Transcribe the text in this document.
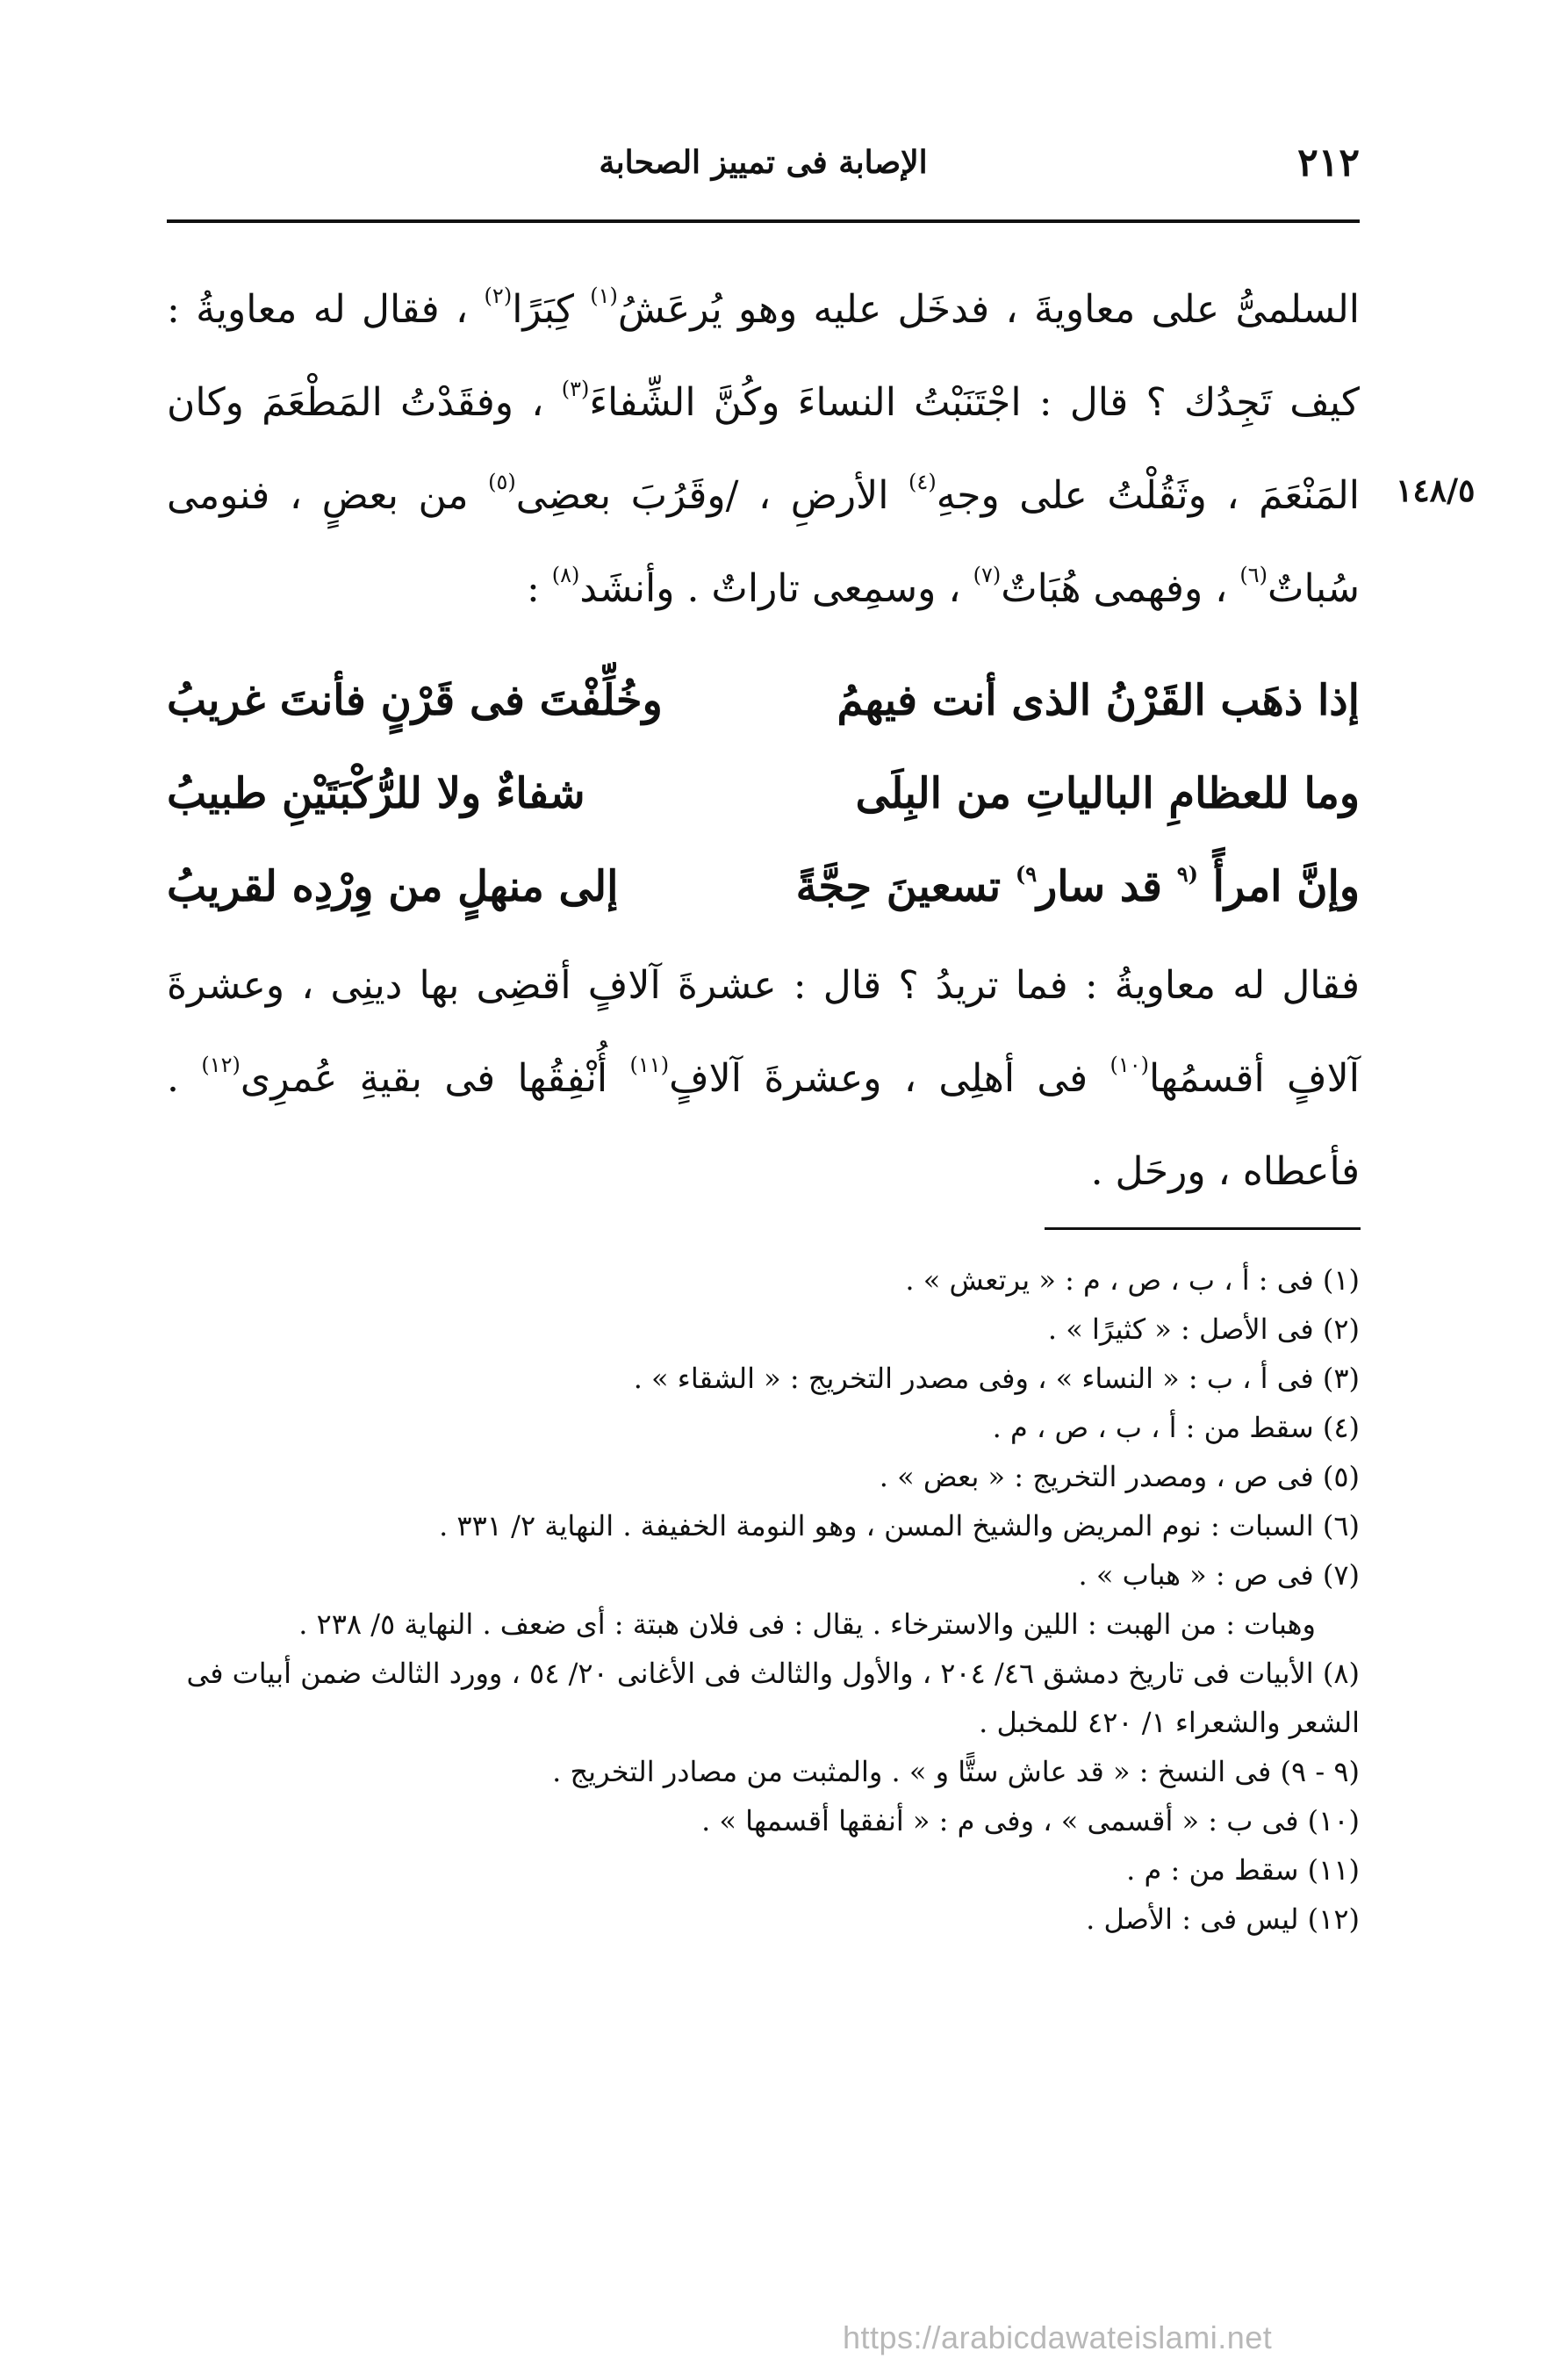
٢١٢
الإصابة فى تمييز الصحابة
١٤٨/٥

السلمىُّ على معاويةَ ، فدخَل عليه وهو يُرعَشُ$^{(١)}$ كِبَرًا$^{(٢)}$ ، فقال له معاويةُ : كيف تَجِدُك ؟ قال : اجْتَنَبْتُ النساءَ وكُنَّ الشِّفاءَ$^{(٣)}$ ، وفقَدْتُ المَطْعَمَ وكان المَنْعَمَ ، وثَقُلْتُ على وجهِ$^{(٤)}$ الأرضِ ، /وقَرُبَ بعضِى$^{(٥)}$ من بعضٍ ، فنومى سُباتٌ$^{(٦)}$ ، وفهمى هُبَاتٌ$^{(٧)}$ ، وسمِعى تاراتٌ . وأنشَد$^{(٨)}$ :

إذا ذهَب القَرْنُ الذى أنت فيهمُ
وخُلِّفْتَ فى قَرْنٍ فأنتَ غريبُ
وما للعظامِ البالياتِ من البِلَى
شفاءٌ ولا للرُّكْبَتَيْنِ طبيبُ
وإنَّ امرأً $^{(٩}$ قد سار$^{٩)}$ تسعينَ حِجَّةً
إلى منهلٍ من وِرْدِه لقريبُ

فقال له معاويةُ : فما تريدُ ؟ قال : عشرةَ آلافٍ أقضِى بها دينِى ، وعشرةَ آلافٍ أقسمُها$^{(١٠)}$ فى أهلِى ، وعشرةَ آلافٍ$^{(١١)}$ أُنْفِقُها فى بقيةِ عُمرِى$^{(١٢)}$ . فأعطاه ، ورحَل .

(١) فى : أ ، ب ، ص ، م : « يرتعش » .

(٢) فى الأصل : « كثيرًا » .

(٣) فى أ ، ب : « النساء » ، وفى مصدر التخريج : « الشقاء » .

(٤) سقط من : أ ، ب ، ص ، م .

(٥) فى ص ، ومصدر التخريج : « بعض » .

(٦) السبات : نوم المريض والشيخ المسن ، وهو النومة الخفيفة . النهاية ٢/ ٣٣١ .

(٧) فى ص : « هباب » .

وهبات : من الهبت : اللين والاسترخاء . يقال : فى فلان هبتة : أى ضعف . النهاية ٥/ ٢٣٨ .

(٨) الأبيات فى تاريخ دمشق ٤٦/ ٢٠٤ ، والأول والثالث فى الأغانى ٢٠/ ٥٤ ، وورد الثالث ضمن أبيات فى الشعر والشعراء ١/ ٤٢٠ للمخبل .

(٩ - ٩) فى النسخ : « قد عاش ستًّا و » . والمثبت من مصادر التخريج .

(١٠) فى ب : « أقسمى » ، وفى م : « أنفقها أقسمها » .

(١١) سقط من : م .

(١٢) ليس فى : الأصل .

https://arabicdawateislami.net
